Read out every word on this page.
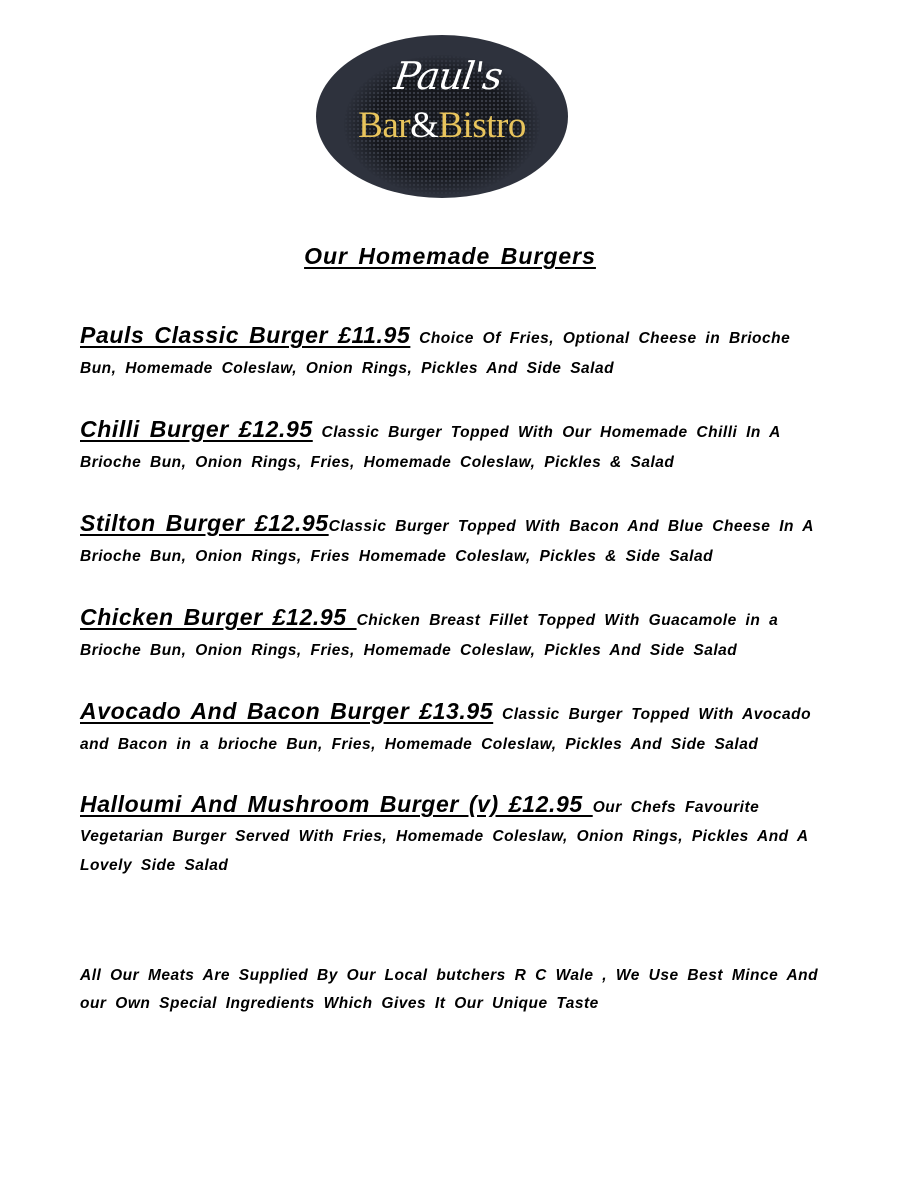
Paul's
Bar&Bistro
Our Homemade Burgers
Pauls Classic Burger £11.95 Choice Of Fries, Optional Cheese in Brioche Bun, Homemade Coleslaw, Onion Rings, Pickles And Side Salad
Chilli Burger £12.95 Classic Burger Topped With Our Homemade Chilli In A Brioche Bun, Onion Rings, Fries, Homemade Coleslaw, Pickles & Salad
Stilton Burger £12.95Classic Burger Topped With Bacon And Blue Cheese In A Brioche Bun, Onion Rings, Fries Homemade Coleslaw, Pickles & Side Salad
Chicken Burger £12.95 Chicken Breast Fillet Topped With Guacamole in a Brioche Bun, Onion Rings, Fries, Homemade Coleslaw, Pickles And Side Salad
Avocado And Bacon Burger £13.95 Classic Burger Topped With Avocado and Bacon in a brioche Bun, Fries, Homemade Coleslaw, Pickles And Side Salad
Halloumi And Mushroom Burger (v) £12.95 Our Chefs Favourite Vegetarian Burger Served With Fries, Homemade Coleslaw, Onion Rings, Pickles And A Lovely Side Salad
All Our Meats Are Supplied By Our Local butchers R C Wale , We Use Best Mince And our Own Special Ingredients Which Gives It Our Unique Taste
